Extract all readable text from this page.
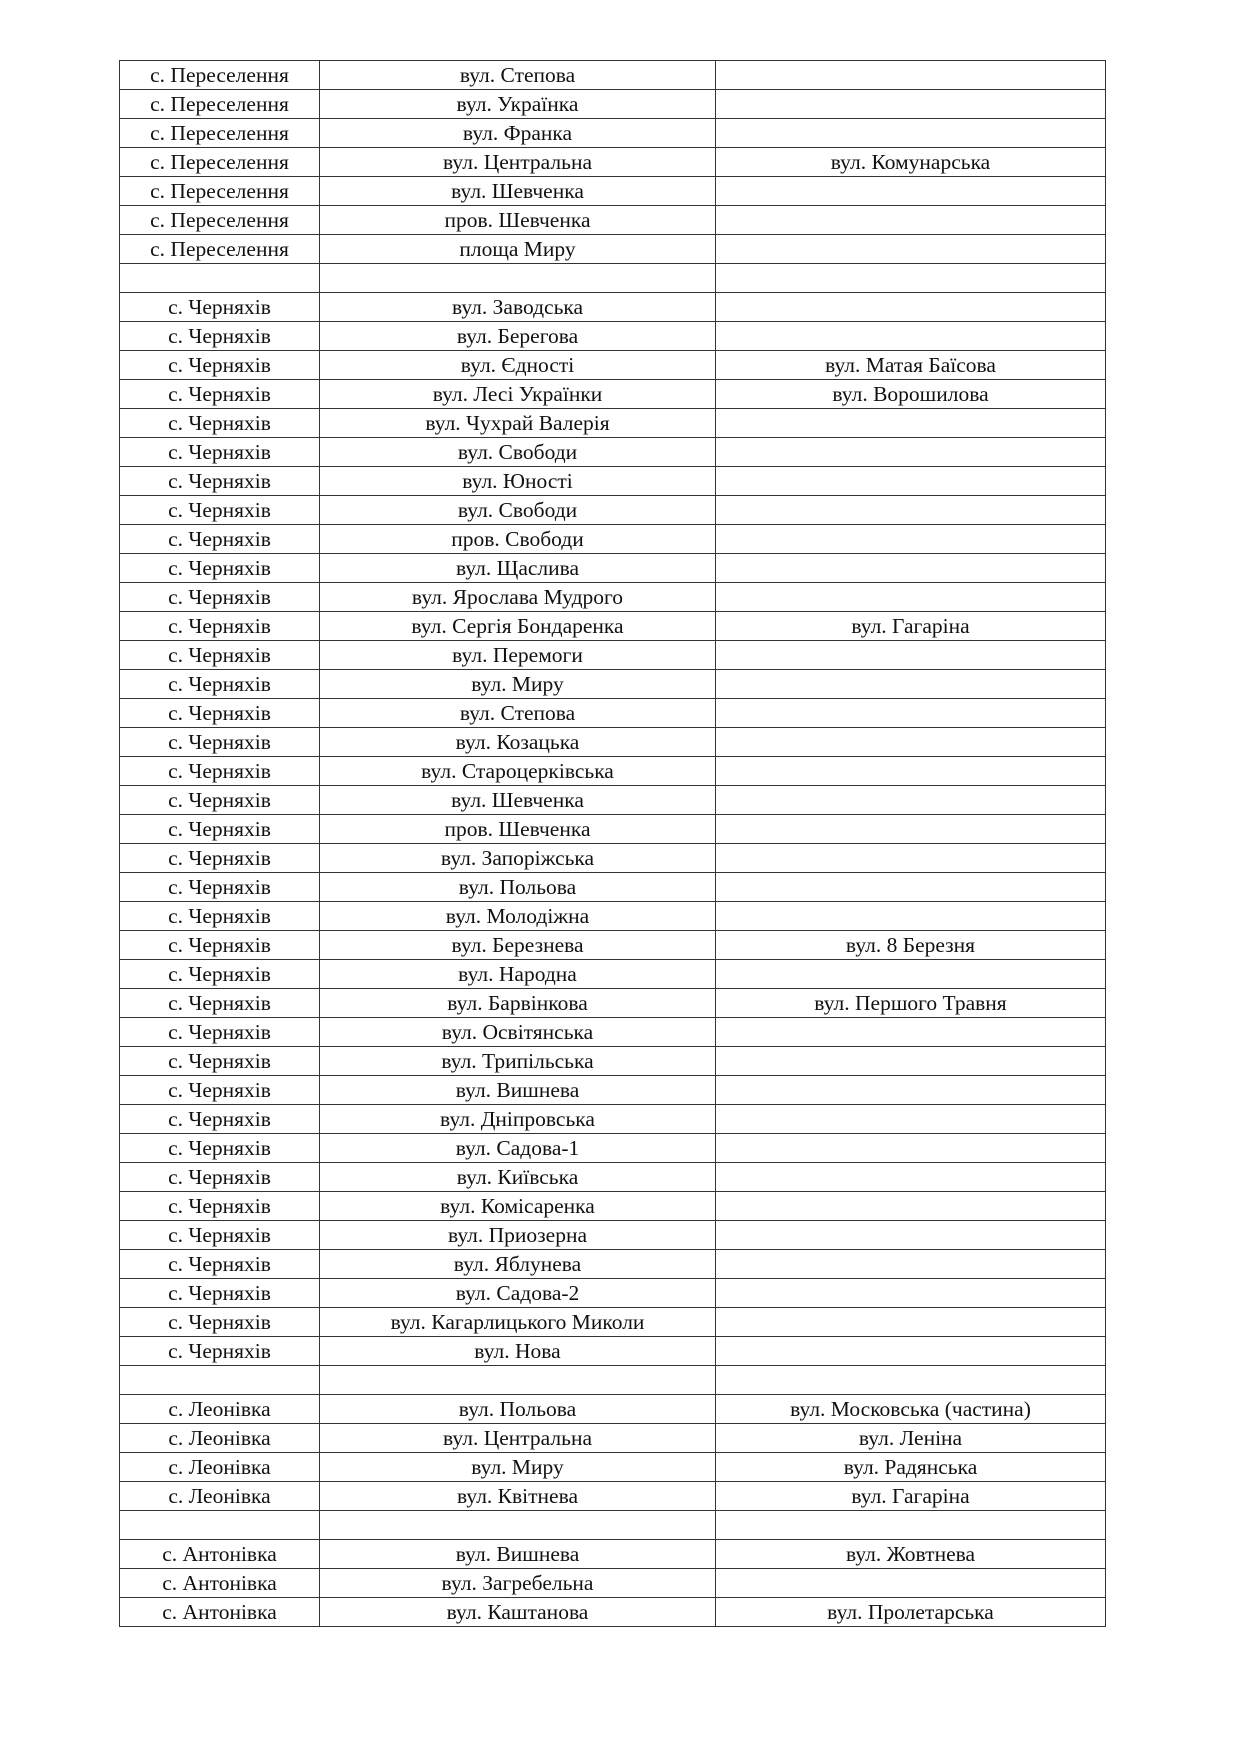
с. Переселення	вул. Степова	
с. Переселення	вул. Українка	
с. Переселення	вул. Франка	
с. Переселення	вул. Центральна	вул. Комунарська
с. Переселення	вул. Шевченка	
с. Переселення	пров. Шевченка	
с. Переселення	площа Миру	

с. Черняхів	вул. Заводська	
с. Черняхів	вул. Берегова	
с. Черняхів	вул. Єдності	вул. Матая Баїсова
с. Черняхів	вул. Лесі Українки	вул. Ворошилова
с. Черняхів	вул. Чухрай Валерія	
с. Черняхів	вул. Свободи	
с. Черняхів	вул. Юності	
с. Черняхів	вул. Свободи	
с. Черняхів	пров. Свободи	
с. Черняхів	вул. Щаслива	
с. Черняхів	вул. Ярослава Мудрого	
с. Черняхів	вул. Сергія Бондаренка	вул. Гагаріна
с. Черняхів	вул. Перемоги	
с. Черняхів	вул. Миру	
с. Черняхів	вул. Степова	
с. Черняхів	вул. Козацька	
с. Черняхів	вул. Староцерківська	
с. Черняхів	вул. Шевченка	
с. Черняхів	пров. Шевченка	
с. Черняхів	вул. Запоріжська	
с. Черняхів	вул. Польова	
с. Черняхів	вул. Молодіжна	
с. Черняхів	вул. Березнева	вул. 8 Березня
с. Черняхів	вул. Народна	
с. Черняхів	вул. Барвінкова	вул. Першого Травня
с. Черняхів	вул. Освітянська	
с. Черняхів	вул. Трипільська	
с. Черняхів	вул. Вишнева	
с. Черняхів	вул. Дніпровська	
с. Черняхів	вул. Садова-1	
с. Черняхів	вул. Київська	
с. Черняхів	вул. Комісаренка	
с. Черняхів	вул. Приозерна	
с. Черняхів	вул. Яблунева	
с. Черняхів	вул. Садова-2	
с. Черняхів	вул. Кагарлицького Миколи	
с. Черняхів	вул. Нова	

с. Леонівка	вул. Польова	вул. Московська (частина)
с. Леонівка	вул. Центральна	вул. Леніна
с. Леонівка	вул. Миру	вул. Радянська
с. Леонівка	вул. Квітнева	вул. Гагаріна

с. Антонівка	вул. Вишнева	вул. Жовтнева
с. Антонівка	вул. Загребельна	
с. Антонівка	вул. Каштанова	вул. Пролетарська
